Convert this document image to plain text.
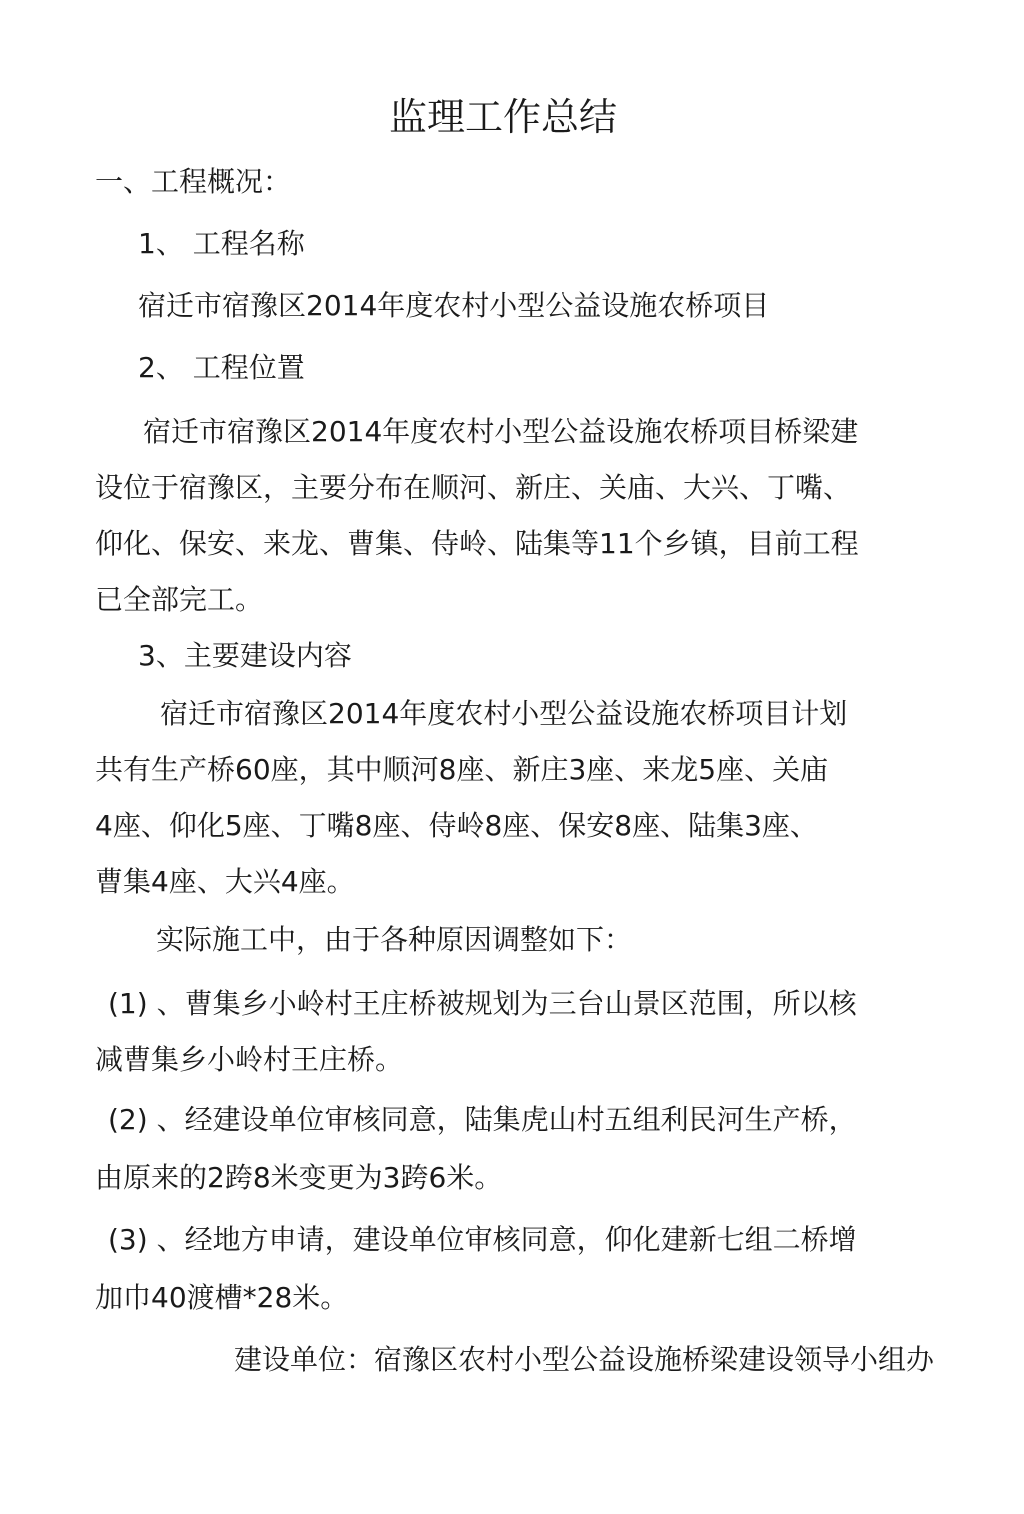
监理工作总结
一、工程概况：
1、 工程名称
宿迁市宿豫区2014年度农村小型公益设施农桥项目
2、 工程位置
宿迁市宿豫区2014年度农村小型公益设施农桥项目桥梁建
设位于宿豫区，主要分布在顺河、新庄、关庙、大兴、丁嘴、
仰化、保安、来龙、曹集、侍岭、陆集等11个乡镇，目前工程
已全部完工。
3、主要建设内容
宿迁市宿豫区2014年度农村小型公益设施农桥项目计划
共有生产桥60座，其中顺河8座、新庄3座、来龙5座、关庙
4座、仰化5座、丁嘴8座、侍岭8座、保安8座、陆集3座、
曹集4座、大兴4座。
实际施工中，由于各种原因调整如下：
(1) 、曹集乡小岭村王庄桥被规划为三台山景区范围，所以核
减曹集乡小岭村王庄桥。
(2) 、经建设单位审核同意，陆集虎山村五组利民河生产桥，
由原来的2跨8米变更为3跨6米。
(3) 、经地方申请，建设单位审核同意，仰化建新七组二桥增
加巾40渡槽*28米。
建设单位：宿豫区农村小型公益设施桥梁建设领导小组办
